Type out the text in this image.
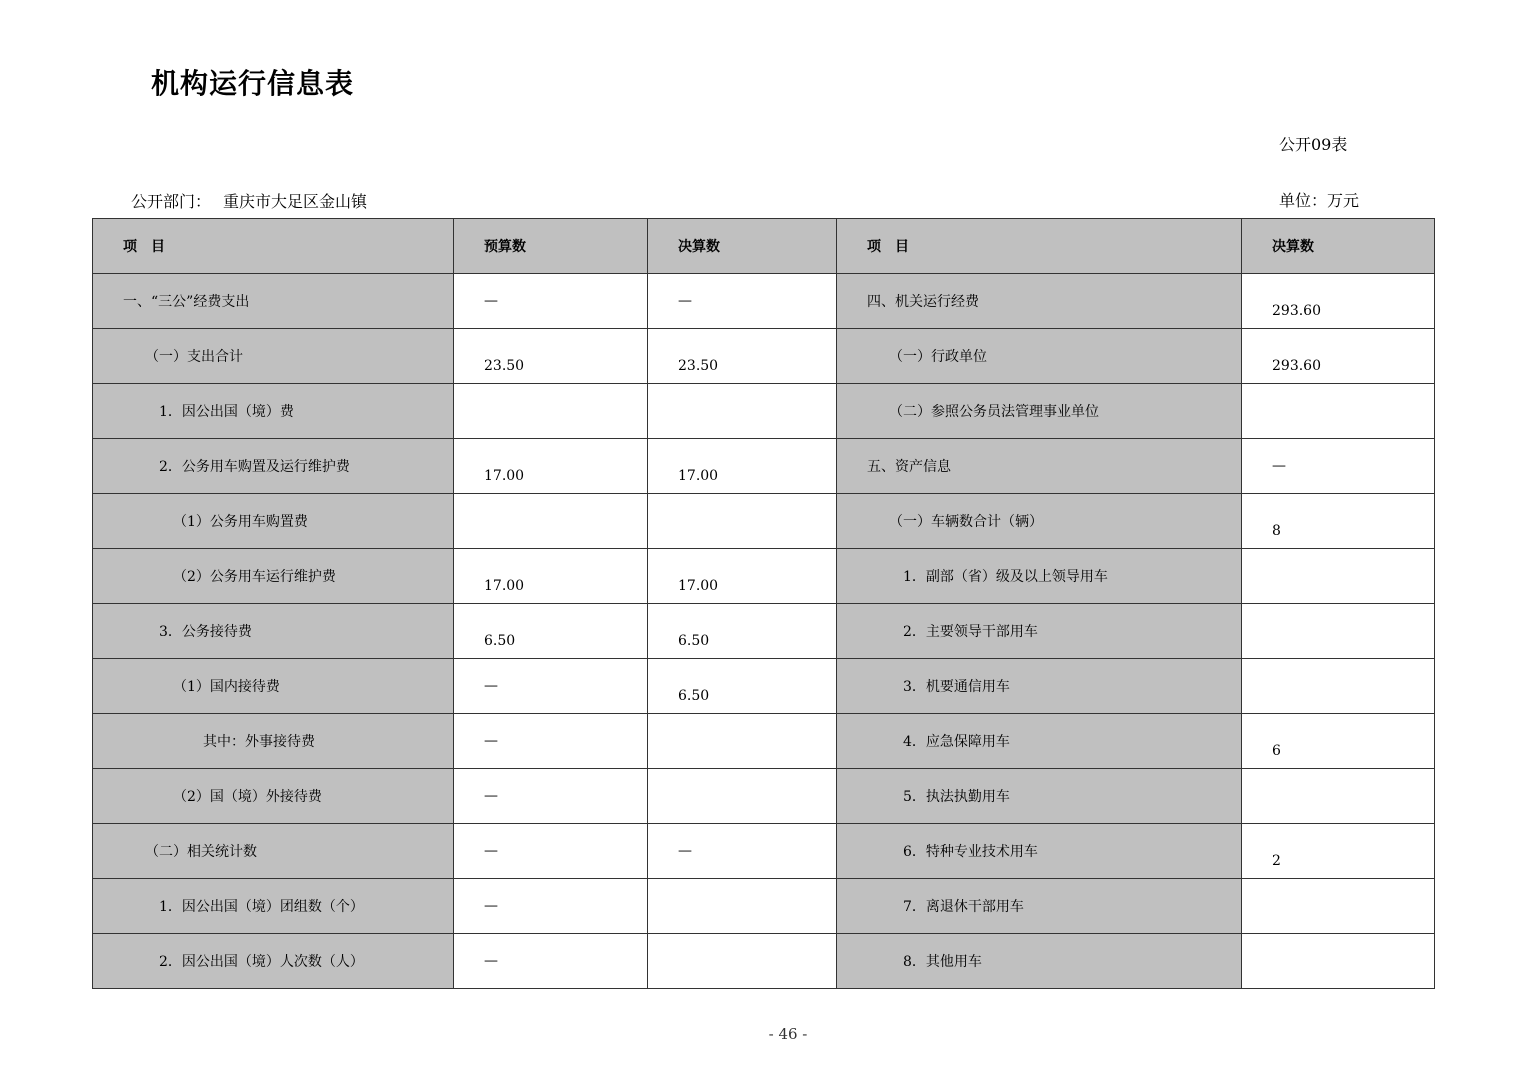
机构运行信息表
公开09表
公开部门： 重庆市大足区金山镇	单位：万元
项　目	预算数	决算数	项　目	决算数
一、“三公”经费支出	—	—	四、机关运行经费	293.60
（一）支出合计	23.50	23.50	（一）行政单位	293.60
1．因公出国（境）费			（二）参照公务员法管理事业单位	
2．公务用车购置及运行维护费	17.00	17.00	五、资产信息	—
（1）公务用车购置费			（一）车辆数合计（辆）	8
（2）公务用车运行维护费	17.00	17.00	1．副部（省）级及以上领导用车	
3．公务接待费	6.50	6.50	2．主要领导干部用车	
（1）国内接待费	—	6.50	3．机要通信用车	
其中：外事接待费	—		4．应急保障用车	6
（2）国（境）外接待费	—		5．执法执勤用车	
（二）相关统计数	—	—	6．特种专业技术用车	2
1．因公出国（境）团组数（个）	—		7．离退休干部用车	
2．因公出国（境）人次数（人）	—		8．其他用车	
- 46 -
